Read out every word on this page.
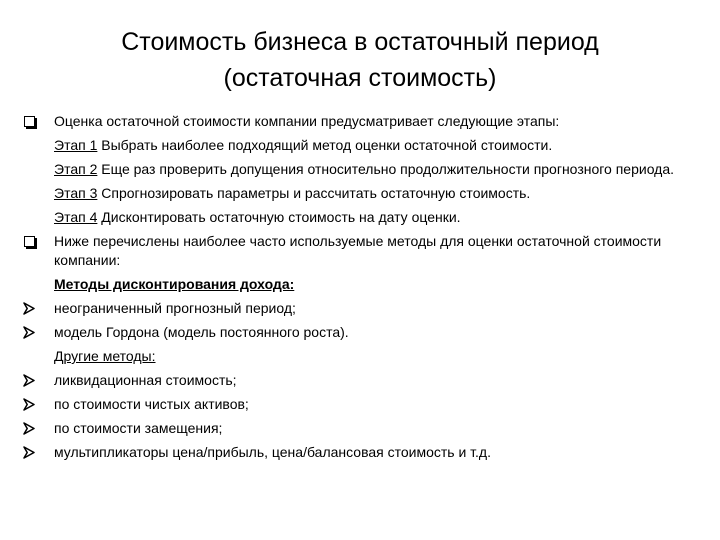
Стоимость бизнеса в остаточный период
(остаточная стоимость)
Оценка остаточной стоимости компании предусматривает следующие этапы:
Этап 1 Выбрать наиболее подходящий метод оценки остаточной стоимости.
Этап 2 Еще раз проверить допущения относительно продолжительности прогнозного периода.
Этап 3 Спрогнозировать параметры и рассчитать остаточную стоимость.
Этап 4 Дисконтировать остаточную стоимость на дату оценки.
Ниже перечислены наиболее часто используемые методы для оценки остаточной стоимости компании:
Методы дисконтирования дохода:
неограниченный прогнозный период;
модель Гордона (модель постоянного роста).
Другие методы:
ликвидационная стоимость;
по стоимости чистых активов;
по стоимости замещения;
мультипликаторы цена/прибыль, цена/балансовая стоимость и т.д.
